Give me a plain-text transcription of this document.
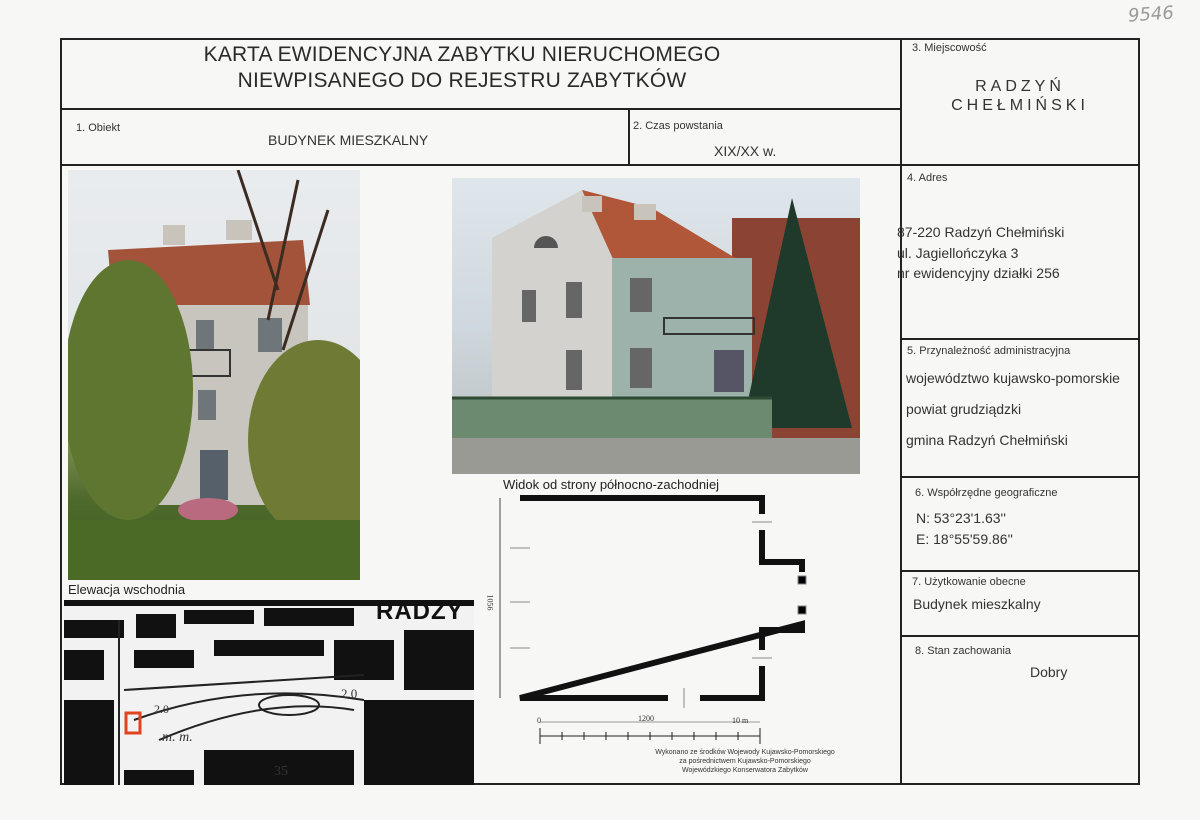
9546
KARTA EWIDENCYJNA ZABYTKU NIERUCHOMEGO
NIEWPISANEGO DO REJESTRU ZABYTKÓW
1. Obiekt
BUDYNEK MIESZKALNY
2. Czas powstania
XIX/XX w.
3. Miejscowość
RADZYŃ
CHEŁMIŃSKI
4. Adres
87-220 Radzyń Chełmiński
ul. Jagiellończyka 3
nr ewidencyjny działki 256
5. Przynależność administracyjna
województwo kujawsko-pomorskie
powiat grudziądzki
gmina Radzyń Chełmiński
6. Współrzędne geograficzne
N: 53°23'1.63''
E: 18°55'59.86''
7. Użytkowanie obecne
Budynek mieszkalny
8. Stan zachowania
Dobry
Elewacja wschodnia
Widok od strony północno-zachodniej
RADZY
2.0
2.0
35
m. m.
1056
0	1200	10 m
Wykonano ze środków Wojewody Kujawsko-Pomorskiego
za pośrednictwem Kujawsko-Pomorskiego
Wojewódzkiego Konserwatora Zabytków
